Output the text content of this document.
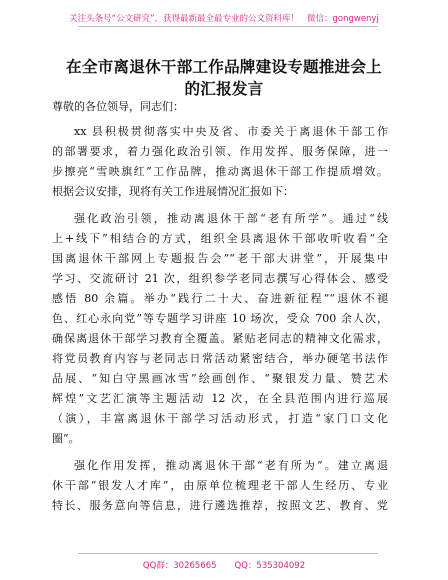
关注头条号“公文研究”，获得最新最全最专业的公文资料库！ 微信：gongwenyj
在全市离退休干部工作品牌建设专题推进会上
的汇报发言
尊敬的各位领导，同志们：
xx 县积极贯彻落实中央及省、市委关于离退休干部工作
的部署要求，着力强化政治引领、作用发挥、服务保障，进一
步擦亮“雪映旗红”工作品牌，推动离退休干部工作提质增效。
根据会议安排，现将有关工作进展情况汇报如下：
强化政治引领，推动离退休干部“老有所学”。通过“线
上+线下”相结合的方式，组织全县离退休干部收听收看“全
国离退休干部网上专题报告会”“老干部大讲堂”，开展集中
学习、交流研讨 21 次，组织参学老同志撰写心得体会、感受
感悟 80 余篇。举办“践行二十大、奋进新征程”“退休不褪
色、红心永向党”等专题学习讲座 10 场次，受众 700 余人次，
确保离退休干部学习教育全覆盖。紧贴老同志的精神文化需求，
将党员教育内容与老同志日常活动紧密结合，举办硬笔书法作
品展、“知白守黑画冰雪”绘画创作、“聚银发力量、赞艺术
辉煌”文艺汇演等主题活动 12 次，在全县范围内进行巡展
（演），丰富离退休干部学习活动形式，打造“家门口文化
圈”。
强化作用发挥，推动离退休干部“老有所为”。建立离退
休干部“银发人才库”，由原单位梳理老干部人生经历、专业
特长、服务意向等信息，进行遴选推荐，按照文艺、教育、党
QQ群：30265665 QQ：535304092
